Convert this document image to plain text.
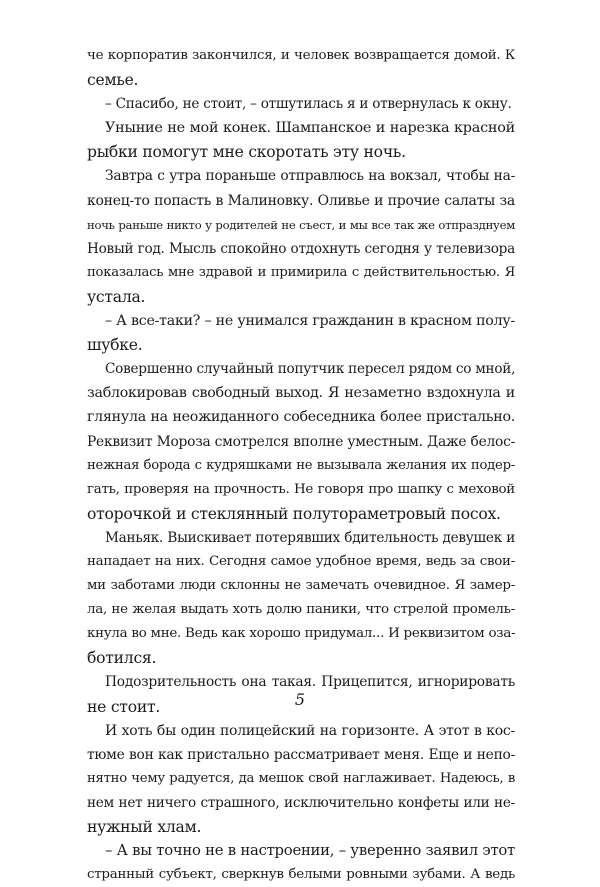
че корпоратив закончился, и человек возвращается домой. К
семье.
– Спасибо, не стоит, – отшутилась я и отвернулась к окну.
Уныние не мой конек. Шампанское и нарезка красной
рыбки помогут мне скоротать эту ночь.
Завтра с утра пораньше отправлюсь на вокзал, чтобы на-
конец-то попасть в Малиновку. Оливье и прочие салаты за
ночь раньше никто у родителей не съест, и мы все так же отпразднуем
Новый год. Мысль спокойно отдохнуть сегодня у телевизора
показалась мне здравой и примирила с действительностью. Я
устала.
– А все-таки? – не унимался гражданин в красном полу-
шубке.
Совершенно случайный попутчик пересел рядом со мной,
заблокировав свободный выход. Я незаметно вздохнула и
глянула на неожиданного собеседника более пристально.
Реквизит Мороза смотрелся вполне уместным. Даже белос-
нежная борода с кудряшками не вызывала желания их подер-
гать, проверяя на прочность. Не говоря про шапку с меховой
оторочкой и стеклянный полутораметровый посох.
Маньяк. Выискивает потерявших бдительность девушек и
нападает на них. Сегодня самое удобное время, ведь за свои-
ми заботами люди склонны не замечать очевидное. Я замер-
ла, не желая выдать хоть долю паники, что стрелой промель-
кнула во мне. Ведь как хорошо придумал... И реквизитом оза-
ботился.
Подозрительность она такая. Прицепится, игнорировать
не стоит.
И хоть бы один полицейский на горизонте. А этот в кос-
тюме вон как пристально рассматривает меня. Еще и непо-
нятно чему радуется, да мешок свой наглаживает. Надеюсь, в
нем нет ничего страшного, исключительно конфеты или не-
нужный хлам.
– А вы точно не в настроении, – уверенно заявил этот
странный субъект, сверкнув белыми ровными зубами. А ведь
5
